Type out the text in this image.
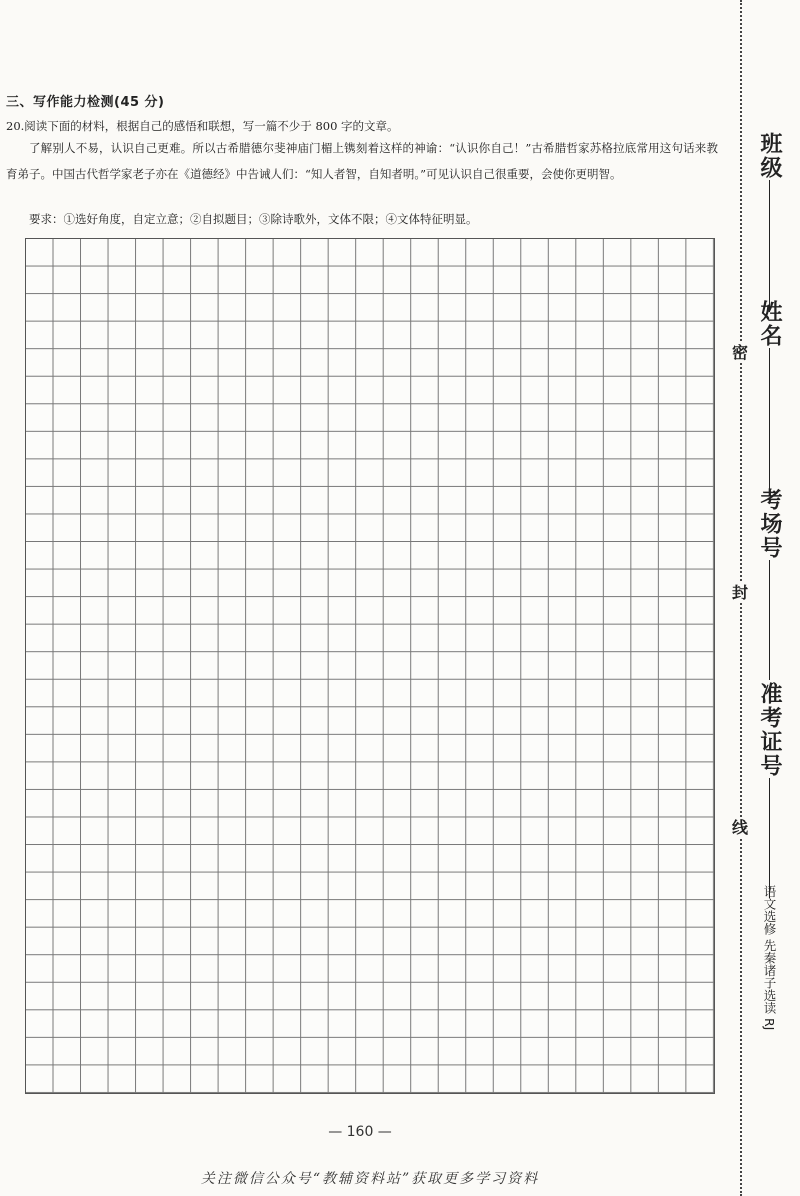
三、写作能力检测(45 分)
20.阅读下面的材料，根据自己的感悟和联想，写一篇不少于 800 字的文章。
了解别人不易，认识自己更难。所以古希腊德尔斐神庙门楣上镌刻着这样的神谕：“认识你自己！”古希腊哲家苏格拉底常用这句话来教育弟子。中国古代哲学家老子亦在《道德经》中告诫人们：“知人者智，自知者明。”可见认识自己很重要，会使你更明智。
要求：①选好角度，自定立意；②自拟题目；③除诗歌外，文体不限；④文体特征明显。
— 160 —
关注微信公众号“教辅资料站”获取更多学习资料
密
封
线
班级
姓名
考场号
准考证号
语文选修 先秦诸子选读 RJ
